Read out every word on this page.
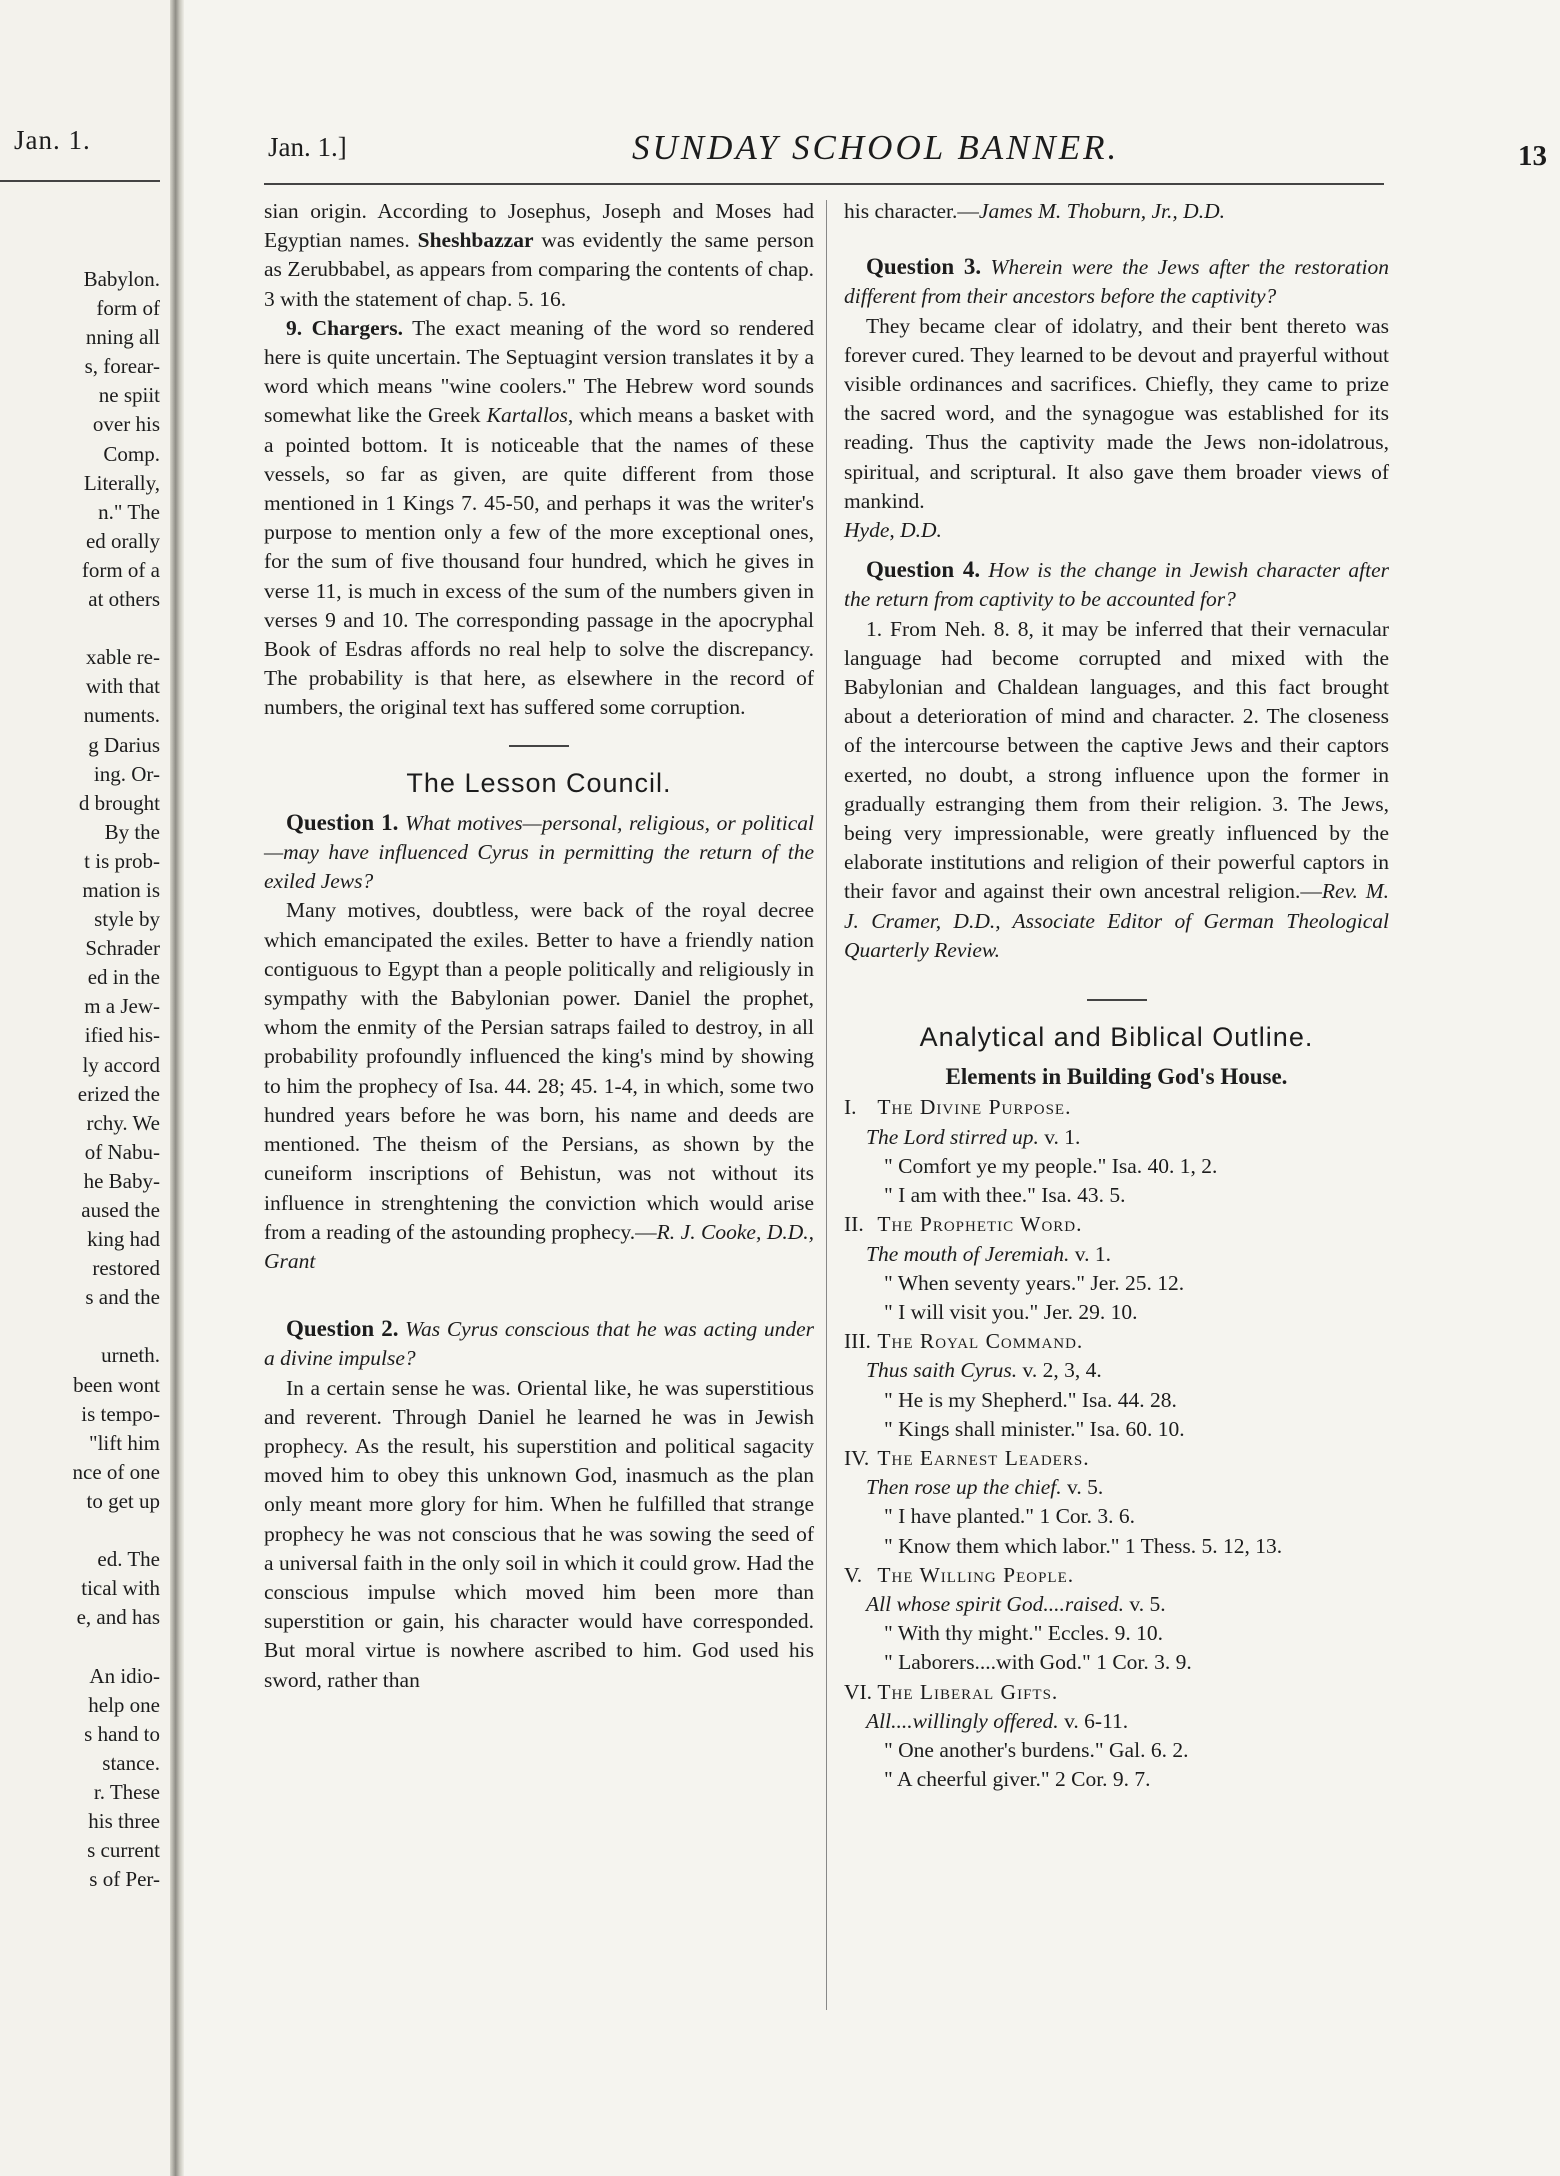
Jan. 1.
Babylon.
form of
nning all
s, forear-
ne spiit
over his
Comp.
Literally,
n." The
ed orally
form of a
at others
xable re-
with that
numents.
g Darius
ing. Or-
d brought
By the
t is prob-
mation is
style by
Schrader
ed in the
m a Jew-
ified his-
ly accord
erized the
rchy. We
of Nabu-
he Baby-
aused the
king had
restored
s and the
urneth.
been wont
is tempo-
"lift him
nce of one
to get up
ed. The
tical with
e, and has
An idio-
help one
s hand to
stance.
r. These
his three
s current
s of Per-
Jan. 1.]	SUNDAY SCHOOL BANNER.	13

sian origin. According to Josephus, Joseph and Moses had Egyptian names. Sheshbazzar was evidently the same person as Zerubbabel, as appears from comparing the contents of chap. 3 with the statement of chap. 5. 16.

9. Chargers. The exact meaning of the word so rendered here is quite uncertain. The Septuagint version translates it by a word which means "wine coolers." The Hebrew word sounds somewhat like the Greek Kartallos, which means a basket with a pointed bottom. It is noticeable that the names of these vessels, so far as given, are quite different from those mentioned in 1 Kings 7. 45-50, and perhaps it was the writer's purpose to mention only a few of the more exceptional ones, for the sum of five thousand four hundred, which he gives in verse 11, is much in excess of the sum of the numbers given in verses 9 and 10. The corresponding passage in the apocryphal Book of Esdras affords no real help to solve the discrepancy. The probability is that here, as elsewhere in the record of numbers, the original text has suffered some corruption.

The Lesson Council.

Question 1. What motives—personal, religious, or political—may have influenced Cyrus in permitting the return of the exiled Jews?

Many motives, doubtless, were back of the royal decree which emancipated the exiles. Better to have a friendly nation contiguous to Egypt than a people politically and religiously in sympathy with the Babylonian power. Daniel the prophet, whom the enmity of the Persian satraps failed to destroy, in all probability profoundly influenced the king's mind by showing to him the prophecy of Isa. 44. 28; 45. 1-4, in which, some two hundred years before he was born, his name and deeds are mentioned. The theism of the Persians, as shown by the cuneiform inscriptions of Behistun, was not without its influence in strenghtening the conviction which would arise from a reading of the astounding prophecy.—R. J. Cooke, D.D., Grant

Question 2. Was Cyrus conscious that he was acting under a divine impulse?

In a certain sense he was. Oriental like, he was superstitious and reverent. Through Daniel he learned he was in Jewish prophecy. As the result, his superstition and political sagacity moved him to obey this unknown God, inasmuch as the plan only meant more glory for him. When he fulfilled that strange prophecy he was not conscious that he was sowing the seed of a universal faith in the only soil in which it could grow. Had the conscious impulse which moved him been more than superstition or gain, his character would have corresponded. But moral virtue is nowhere ascribed to him. God used his sword, rather than

his character.—James M. Thoburn, Jr., D.D.

Question 3. Wherein were the Jews after the restoration different from their ancestors before the captivity?

They became clear of idolatry, and their bent thereto was forever cured. They learned to be devout and prayerful without visible ordinances and sacrifices. Chiefly, they came to prize the sacred word, and the synagogue was established for its reading. Thus the captivity made the Jews non-idolatrous, spiritual, and scriptural. It also gave them broader views of mankind.

Hyde, D.D.

Question 4. How is the change in Jewish character after the return from captivity to be accounted for?

1. From Neh. 8. 8, it may be inferred that their vernacular language had become corrupted and mixed with the Babylonian and Chaldean languages, and this fact brought about a deterioration of mind and character. 2. The closeness of the intercourse between the captive Jews and their captors exerted, no doubt, a strong influence upon the former in gradually estranging them from their religion. 3. The Jews, being very impressionable, were greatly influenced by the elaborate institutions and religion of their powerful captors in their favor and against their own ancestral religion.—Rev. M. J. Cramer, D.D., Associate Editor of German Theological Quarterly Review.

Analytical and Biblical Outline.
Elements in Building God's House.
I. The Divine Purpose.
The Lord stirred up. v. 1.
" Comfort ye my people." Isa. 40. 1, 2.
" I am with thee." Isa. 43. 5.
II. The Prophetic Word.
The mouth of Jeremiah. v. 1.
" When seventy years." Jer. 25. 12.
" I will visit you." Jer. 29. 10.
III. The Royal Command.
Thus saith Cyrus. v. 2, 3, 4.
" He is my Shepherd." Isa. 44. 28.
" Kings shall minister." Isa. 60. 10.
IV. The Earnest Leaders.
Then rose up the chief. v. 5.
" I have planted." 1 Cor. 3. 6.
" Know them which labor." 1 Thess. 5. 12, 13.
V. The Willing People.
All whose spirit God....raised. v. 5.
" With thy might." Eccles. 9. 10.
" Laborers....with God." 1 Cor. 3. 9.
VI. The Liberal Gifts.
All....willingly offered. v. 6-11.
" One another's burdens." Gal. 6. 2.
" A cheerful giver." 2 Cor. 9. 7.
